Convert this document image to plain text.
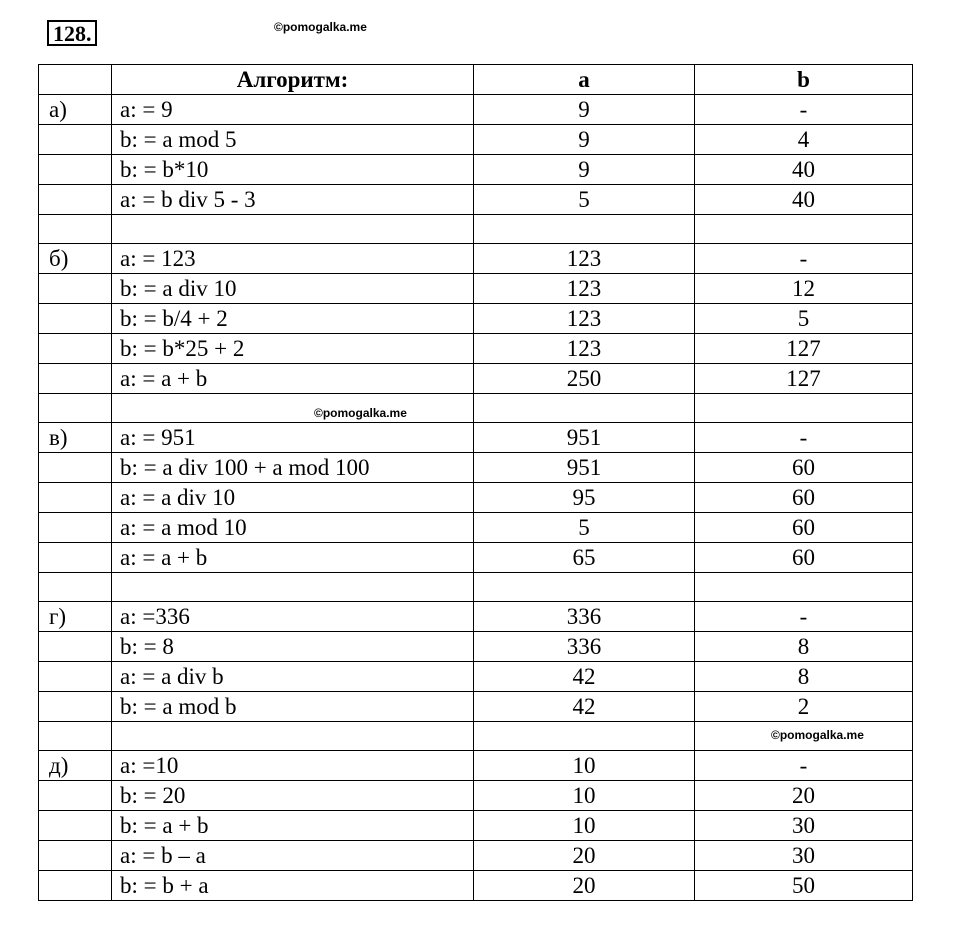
128.	©pomogalka.me
	Алгоритм:	a	b
а)	a: = 9	9	-
	b: = a mod 5	9	4
	b: = b*10	9	40
	a: = b div 5 - 3	5	40

б)	a: = 123	123	-
	b: = a div 10	123	12
	b: = b/4 + 2	123	5
	b: = b*25 + 2	123	127
	a: = a + b	250	127

в)	a: = 951	951	-
	b: = a div 100 + a mod 100	951	60
	a: = a div 10	95	60
	a: = a mod 10	5	60
	a: = a + b	65	60

г)	a: =336	336	-
	b: = 8	336	8
	a: = a div b	42	8
	b: = a mod b	42	2

д)	a: =10	10	-
	b: = 20	10	20
	b: = a + b	10	30
	a: = b – a	20	30
	b: = b + a	20	50
©pomogalka.me
©pomogalka.me
